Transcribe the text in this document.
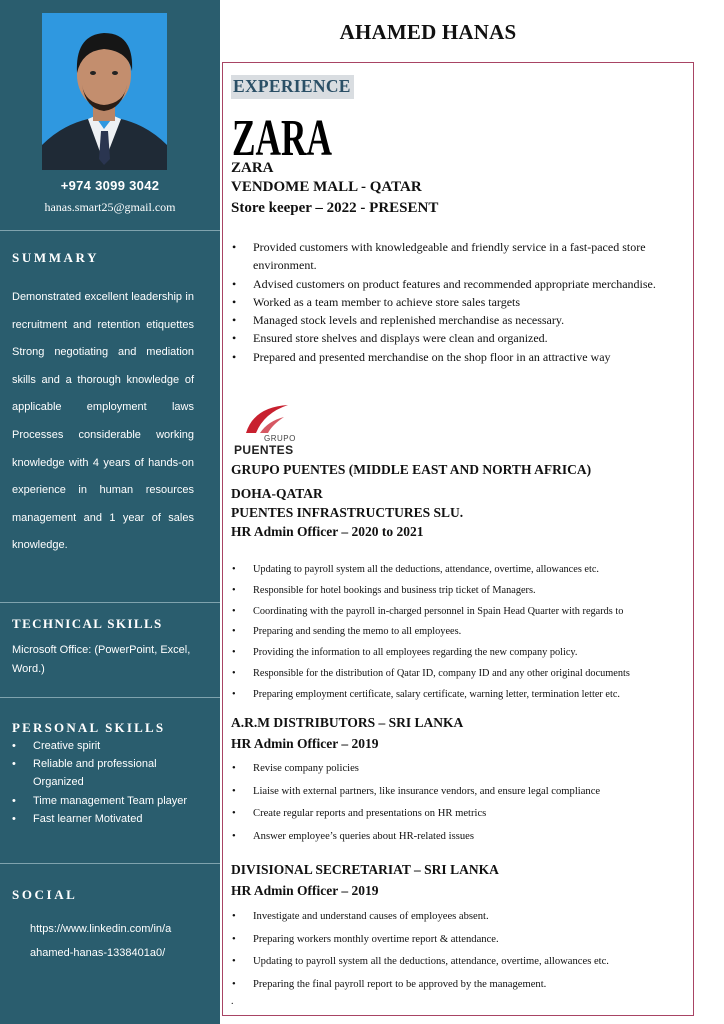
+974 3099 3042
hanas.smart25@gmail.com
SUMMARY

Demonstrated excellent leadership in recruitment and retention etiquettes Strong negotiating and mediation skills and a thorough knowledge of applicable employment laws Processes considerable working knowledge with 4 years of hands-on experience in human resources management and 1 year of sales knowledge.

TECHNICAL SKILLS

Microsoft Office: (PowerPoint, Excel, Word.)

PERSONAL SKILLS
• Creative spirit
• Reliable and professional Organized
• Time management Team player
• Fast learner Motivated
SOCIAL

https://www.linkedin.com/in/a ahamed-hanas-1338401a0/

AHAMED HANAS
EXPERIENCE
ZARA
ZARA
VENDOME MALL - QATAR
Store keeper – 2022 - PRESENT
• Provided customers with knowledgeable and friendly service in a fast-paced store environment.
• Advised customers on product features and recommended appropriate merchandise.
• Worked as a team member to achieve store sales targets
• Managed stock levels and replenished merchandise as necessary.
• Ensured store shelves and displays were clean and organized.
• Prepared and presented merchandise on the shop floor in an attractive way
GRUPO
PUENTES
GRUPO PUENTES (MIDDLE EAST AND NORTH AFRICA)
DOHA-QATAR
PUENTES INFRASTRUCTURES SLU.
HR Admin Officer – 2020 to 2021
• Updating to payroll system all the deductions, attendance, overtime, allowances etc.
• Responsible for hotel bookings and business trip ticket of Managers.
• Coordinating with the payroll in-charged personnel in Spain Head Quarter with regards to
• Preparing and sending the memo to all employees.
• Providing the information to all employees regarding the new company policy.
• Responsible for the distribution of Qatar ID, company ID and any other original documents
• Preparing employment certificate, salary certificate, warning letter, termination letter etc.
A.R.M DISTRIBUTORS – SRI LANKA
HR Admin Officer – 2019
• Revise company policies
• Liaise with external partners, like insurance vendors, and ensure legal compliance
• Create regular reports and presentations on HR metrics
• Answer employee’s queries about HR-related issues
DIVISIONAL SECRETARIAT – SRI LANKA
HR Admin Officer – 2019
• Investigate and understand causes of employees absent.
• Preparing workers monthly overtime report & attendance.
• Updating to payroll system all the deductions, attendance, overtime, allowances etc.
• Preparing the final payroll report to be approved by the management.
.
